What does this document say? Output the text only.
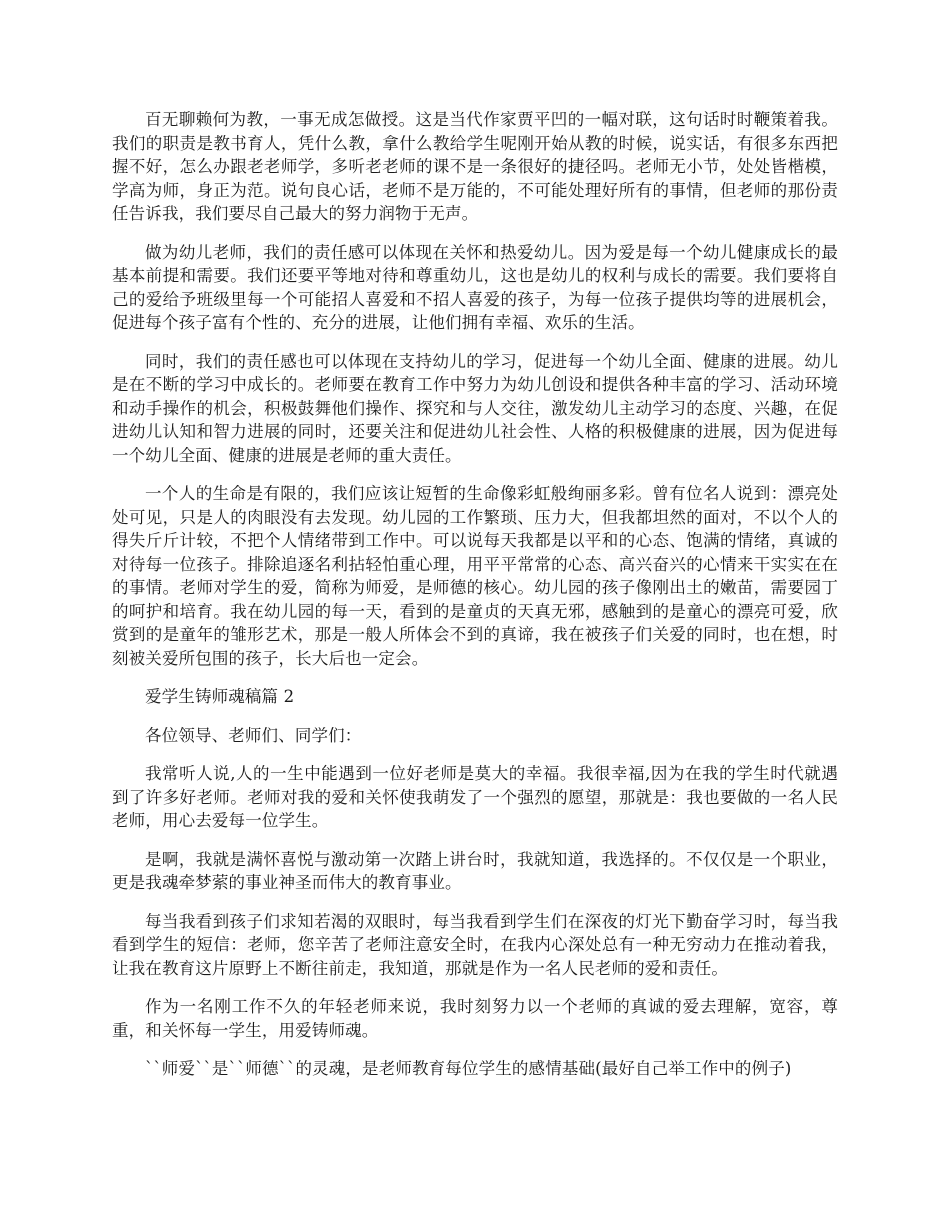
百无聊赖何为教，一事无成怎做授。这是当代作家贾平凹的一幅对联，这句话时时鞭策着我。我们的职责是教书育人，凭什么教，拿什么教给学生呢刚开始从教的时候，说实话，有很多东西把握不好，怎么办跟老老师学，多听老老师的课不是一条很好的捷径吗。老师无小节，处处皆楷模，学高为师，身正为范。说句良心话，老师不是万能的，不可能处理好所有的事情，但老师的那份责任告诉我，我们要尽自己最大的努力润物于无声。

做为幼儿老师，我们的责任感可以体现在关怀和热爱幼儿。因为爱是每一个幼儿健康成长的最基本前提和需要。我们还要平等地对待和尊重幼儿，这也是幼儿的权利与成长的需要。我们要将自己的爱给予班级里每一个可能招人喜爱和不招人喜爱的孩子，为每一位孩子提供均等的进展机会，促进每个孩子富有个性的、充分的进展，让他们拥有幸福、欢乐的生活。

同时，我们的责任感也可以体现在支持幼儿的学习，促进每一个幼儿全面、健康的进展。幼儿是在不断的学习中成长的。老师要在教育工作中努力为幼儿创设和提供各种丰富的学习、活动环境和动手操作的机会，积极鼓舞他们操作、探究和与人交往，激发幼儿主动学习的态度、兴趣，在促进幼儿认知和智力进展的同时，还要关注和促进幼儿社会性、人格的积极健康的进展，因为促进每一个幼儿全面、健康的进展是老师的重大责任。

一个人的生命是有限的，我们应该让短暂的生命像彩虹般绚丽多彩。曾有位名人说到：漂亮处处可见，只是人的肉眼没有去发现。幼儿园的工作繁琐、压力大，但我都坦然的面对，不以个人的得失斤斤计较，不把个人情绪带到工作中。可以说每天我都是以平和的心态、饱满的情绪，真诚的对待每一位孩子。排除追逐名利拈轻怕重心理，用平平常常的心态、高兴奋兴的心情来干实实在在的事情。老师对学生的爱，简称为师爱，是师德的核心。幼儿园的孩子像刚出土的嫩苗，需要园丁的呵护和培育。我在幼儿园的每一天，看到的是童贞的天真无邪，感触到的是童心的漂亮可爱，欣赏到的是童年的雏形艺术，那是一般人所体会不到的真谛，我在被孩子们关爱的同时，也在想，时刻被关爱所包围的孩子，长大后也一定会。

爱学生铸师魂稿篇 2

各位领导、老师们、同学们：

我常听人说,人的一生中能遇到一位好老师是莫大的幸福。我很幸福,因为在我的学生时代就遇到了许多好老师。老师对我的爱和关怀使我萌发了一个强烈的愿望，那就是：我也要做的一名人民老师，用心去爱每一位学生。

是啊，我就是满怀喜悦与激动第一次踏上讲台时，我就知道，我选择的。不仅仅是一个职业，更是我魂牵梦萦的事业神圣而伟大的教育事业。

每当我看到孩子们求知若渴的双眼时，每当我看到学生们在深夜的灯光下勤奋学习时，每当我看到学生的短信：老师，您辛苦了老师注意安全时，在我内心深处总有一种无穷动力在推动着我，让我在教育这片原野上不断往前走，我知道，那就是作为一名人民老师的爱和责任。

作为一名刚工作不久的年轻老师来说，我时刻努力以一个老师的真诚的爱去理解，宽容，尊重，和关怀每一学生，用爱铸师魂。

``师爱``是``师德``的灵魂，是老师教育每位学生的感情基础(最好自己举工作中的例子)
